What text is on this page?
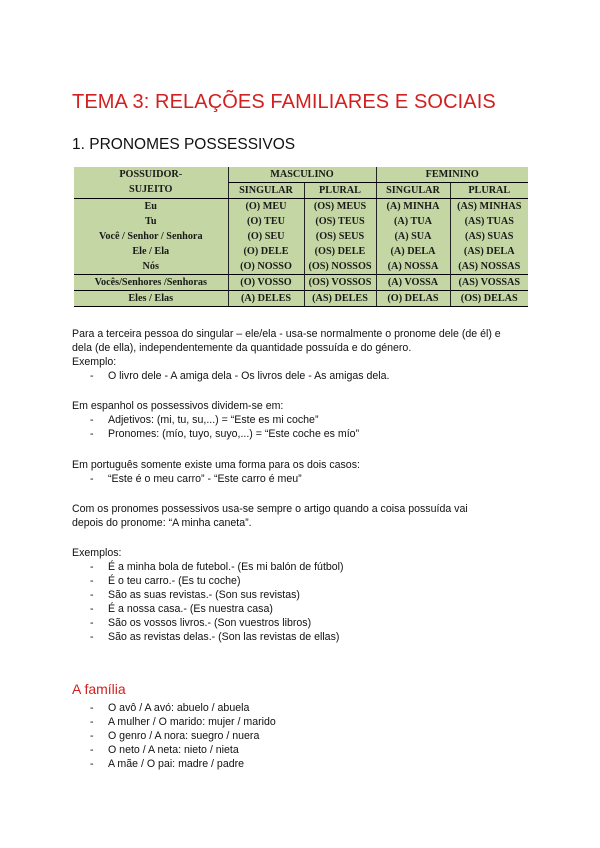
TEMA 3: RELAÇÕES FAMILIARES E SOCIAIS
1. PRONOMES POSSESSIVOS
POSSUIDOR-	MASCULINO		FEMININO	
SUJEITO	SINGULAR	PLURAL	SINGULAR	PLURAL
Eu	(O) MEU	(OS) MEUS	(A) MINHA	(AS) MINHAS
Tu	(O) TEU	(OS) TEUS	(A) TUA	(AS) TUAS
Você / Senhor / Senhora	(O) SEU	(OS) SEUS	(A) SUA	(AS) SUAS
Ele / Ela	(O) DELE	(OS) DELE	(A) DELA	(AS) DELA
Nós	(O) NOSSO	(OS) NOSSOS	(A) NOSSA	(AS) NOSSAS
Vocês/Senhores /Senhoras	(O) VOSSO	(OS) VOSSOS	(A) VOSSA	(AS) VOSSAS
Eles / Elas	(A) DELES	(AS) DELES	(O) DELAS	(OS) DELAS
Para a terceira pessoa do singular – ele/ela - usa-se normalmente o pronome dele (de él) e
dela (de ella), independentemente da quantidade possuída e do género.
Exemplo:
- O livro dele - A amiga dela - Os livros dele - As amigas dela.
Em espanhol os possessivos dividem-se em:
- Adjetivos: (mi, tu, su,...) = “Este es mi coche”
- Pronomes: (mío, tuyo, suyo,...) = “Este coche es mío”
Em português somente existe uma forma para os dois casos:
- “Este é o meu carro” - “Este carro é meu”
Com os pronomes possessivos usa-se sempre o artigo quando a coisa possuída vai
depois do pronome: “A minha caneta”.
Exemplos:
- É a minha bola de futebol.- (Es mi balón de fútbol)
- É o teu carro.- (Es tu coche)
- São as suas revistas.- (Son sus revistas)
- É a nossa casa.- (Es nuestra casa)
- São os vossos livros.- (Son vuestros libros)
- São as revistas delas.- (Son las revistas de ellas)
A família
- O avô / A avó: abuelo / abuela
- A mulher / O marido: mujer / marido
- O genro / A nora: suegro / nuera
- O neto / A neta: nieto / nieta
- A mãe / O pai: madre / padre
